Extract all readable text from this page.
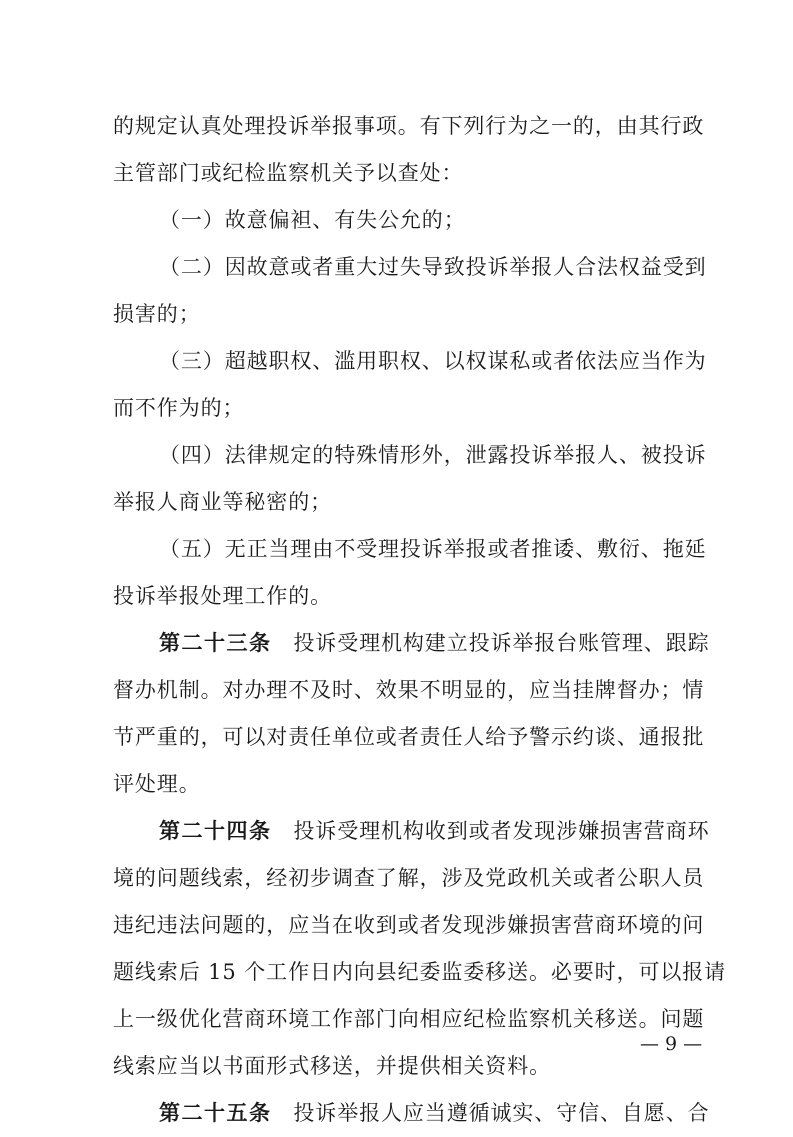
的规定认真处理投诉举报事项。有下列行为之一的，由其行政
主管部门或纪检监察机关予以查处：
（一）故意偏袒、有失公允的；
（二）因故意或者重大过失导致投诉举报人合法权益受到
损害的；
（三）超越职权、滥用职权、以权谋私或者依法应当作为
而不作为的；
（四）法律规定的特殊情形外，泄露投诉举报人、被投诉
举报人商业等秘密的；
（五）无正当理由不受理投诉举报或者推诿、敷衍、拖延
投诉举报处理工作的。
第二十三条　投诉受理机构建立投诉举报台账管理、跟踪
督办机制。对办理不及时、效果不明显的，应当挂牌督办；情
节严重的，可以对责任单位或者责任人给予警示约谈、通报批
评处理。
第二十四条　投诉受理机构收到或者发现涉嫌损害营商环
境的问题线索，经初步调查了解，涉及党政机关或者公职人员
违纪违法问题的，应当在收到或者发现涉嫌损害营商环境的问
题线索后 15 个工作日内向县纪委监委移送。必要时，可以报请
上一级优化营商环境工作部门向相应纪检监察机关移送。问题
线索应当以书面形式移送，并提供相关资料。
第二十五条　投诉举报人应当遵循诚实、守信、自愿、合
— 9 —
